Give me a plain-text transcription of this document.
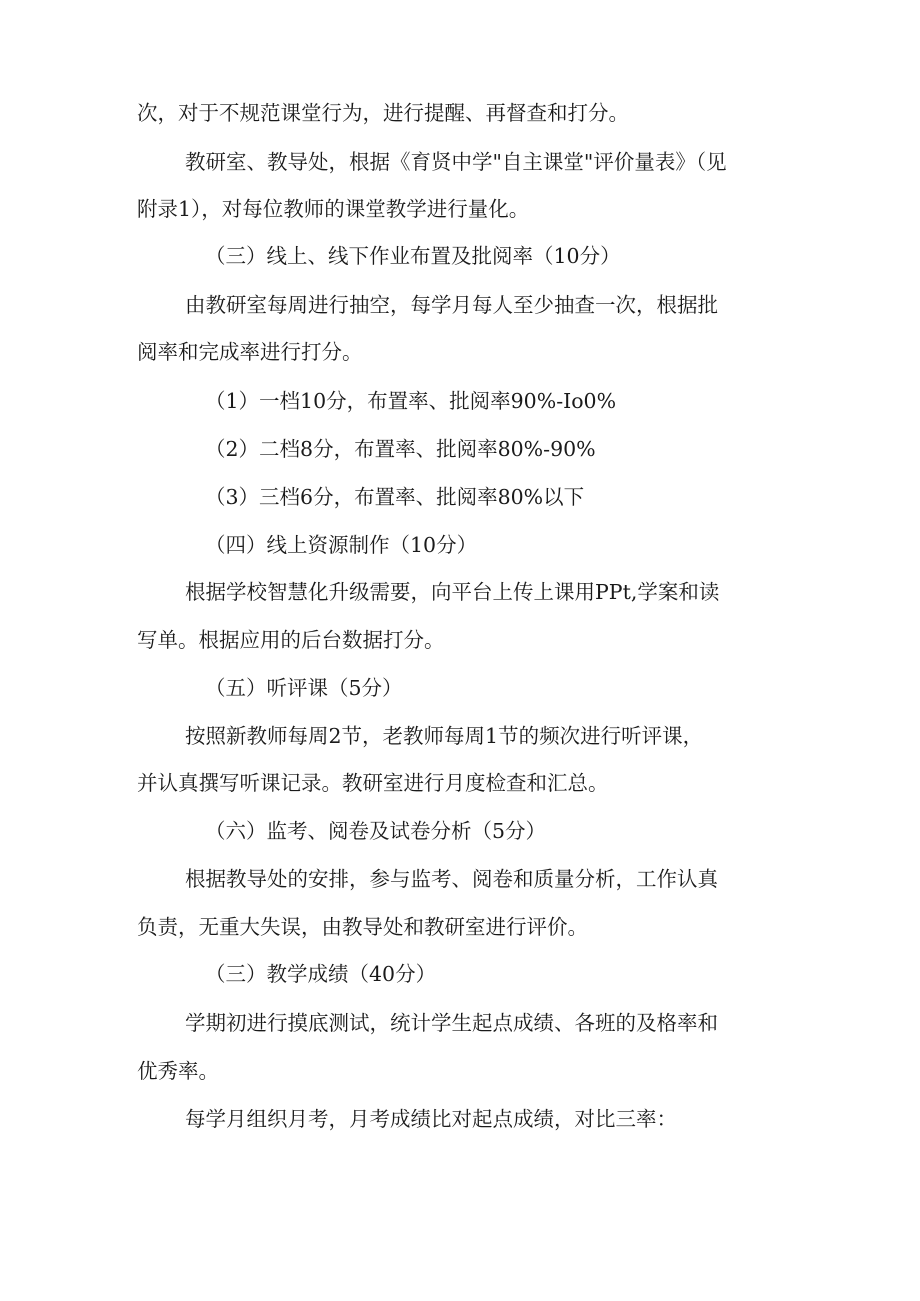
次，对于不规范课堂行为，进行提醒、再督查和打分。
教研室、教导处，根据《育贤中学"自主课堂"评价量表》（见
附录1），对每位教师的课堂教学进行量化。
（三）线上、线下作业布置及批阅率（10分）
由教研室每周进行抽空，每学月每人至少抽查一次，根据批
阅率和完成率进行打分。
（1）一档10分，布置率、批阅率90%-Io0%
（2）二档8分，布置率、批阅率80%-90%
（3）三档6分，布置率、批阅率80%以下
（四）线上资源制作（10分）
根据学校智慧化升级需要，向平台上传上课用PPt,学案和读
写单。根据应用的后台数据打分。
（五）听评课（5分）
按照新教师每周2节，老教师每周1节的频次进行听评课，
并认真撰写听课记录。教研室进行月度检查和汇总。
（六）监考、阅卷及试卷分析（5分）
根据教导处的安排，参与监考、阅卷和质量分析，工作认真
负责，无重大失误，由教导处和教研室进行评价。
（三）教学成绩（40分）
学期初进行摸底测试，统计学生起点成绩、各班的及格率和
优秀率。
每学月组织月考，月考成绩比对起点成绩，对比三率：
